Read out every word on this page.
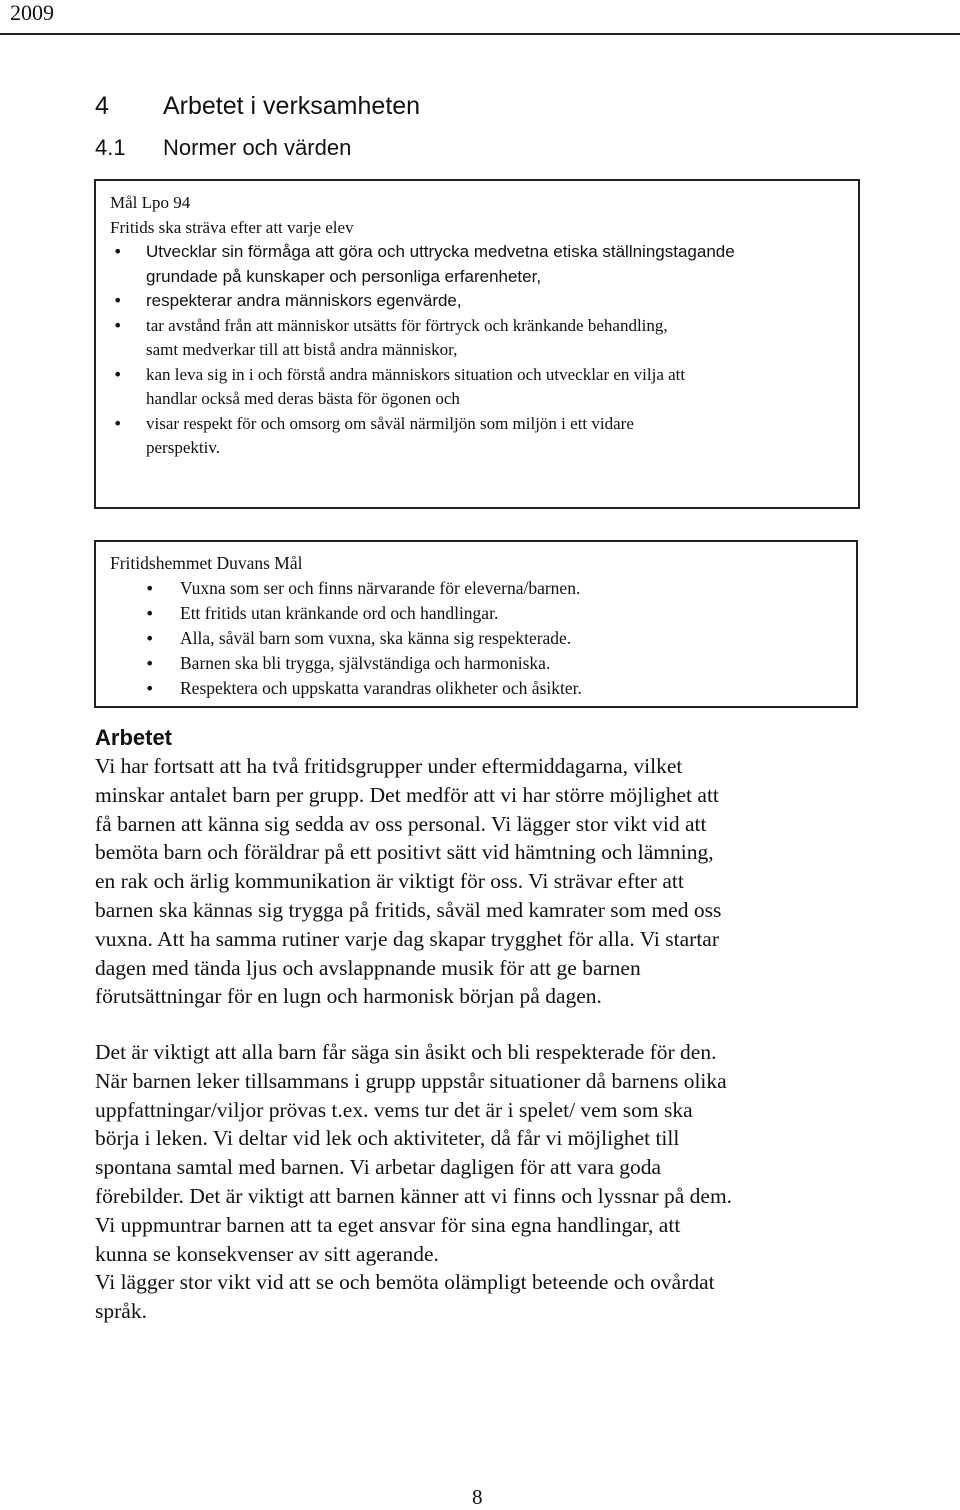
2009
4 Arbetet i verksamheten
4.1 Normer och värden

Mål Lpo 94

Fritids ska sträva efter att varje elev

• Utvecklar sin förmåga att göra och uttrycka medvetna etiska ställningstagande
grundade på kunskaper och personliga erfarenheter,
• respekterar andra människors egenvärde,
• tar avstånd från att människor utsätts för förtryck och kränkande behandling,
samt medverkar till att bistå andra människor,
• kan leva sig in i och förstå andra människors situation och utvecklar en vilja att
handlar också med deras bästa för ögonen och
• visar respekt för och omsorg om såväl närmiljön som miljön i ett vidare
perspektiv.

Fritidshemmet Duvans Mål

• Vuxna som ser och finns närvarande för eleverna/barnen.
• Ett fritids utan kränkande ord och handlingar.
• Alla, såväl barn som vuxna, ska känna sig respekterade.
• Barnen ska bli trygga, självständiga och harmoniska.
• Respektera och uppskatta varandras olikheter och åsikter.
Arbetet

Vi har fortsatt att ha två fritidsgrupper under eftermiddagarna, vilket
minskar antalet barn per grupp. Det medför att vi har större möjlighet att
få barnen att känna sig sedda av oss personal. Vi lägger stor vikt vid att
bemöta barn och föräldrar på ett positivt sätt vid hämtning och lämning,
en rak och ärlig kommunikation är viktigt för oss. Vi strävar efter att
barnen ska kännas sig trygga på fritids, såväl med kamrater som med oss
vuxna. Att ha samma rutiner varje dag skapar trygghet för alla. Vi startar
dagen med tända ljus och avslappnande musik för att ge barnen
förutsättningar för en lugn och harmonisk början på dagen.

Det är viktigt att alla barn får säga sin åsikt och bli respekterade för den.
När barnen leker tillsammans i grupp uppstår situationer då barnens olika
uppfattningar/viljor prövas t.ex. vems tur det är i spelet/ vem som ska
börja i leken. Vi deltar vid lek och aktiviteter, då får vi möjlighet till
spontana samtal med barnen. Vi arbetar dagligen för att vara goda
förebilder. Det är viktigt att barnen känner att vi finns och lyssnar på dem.
Vi uppmuntrar barnen att ta eget ansvar för sina egna handlingar, att
kunna se konsekvenser av sitt agerande.
Vi lägger stor vikt vid att se och bemöta olämpligt beteende och ovårdat
språk.

8
